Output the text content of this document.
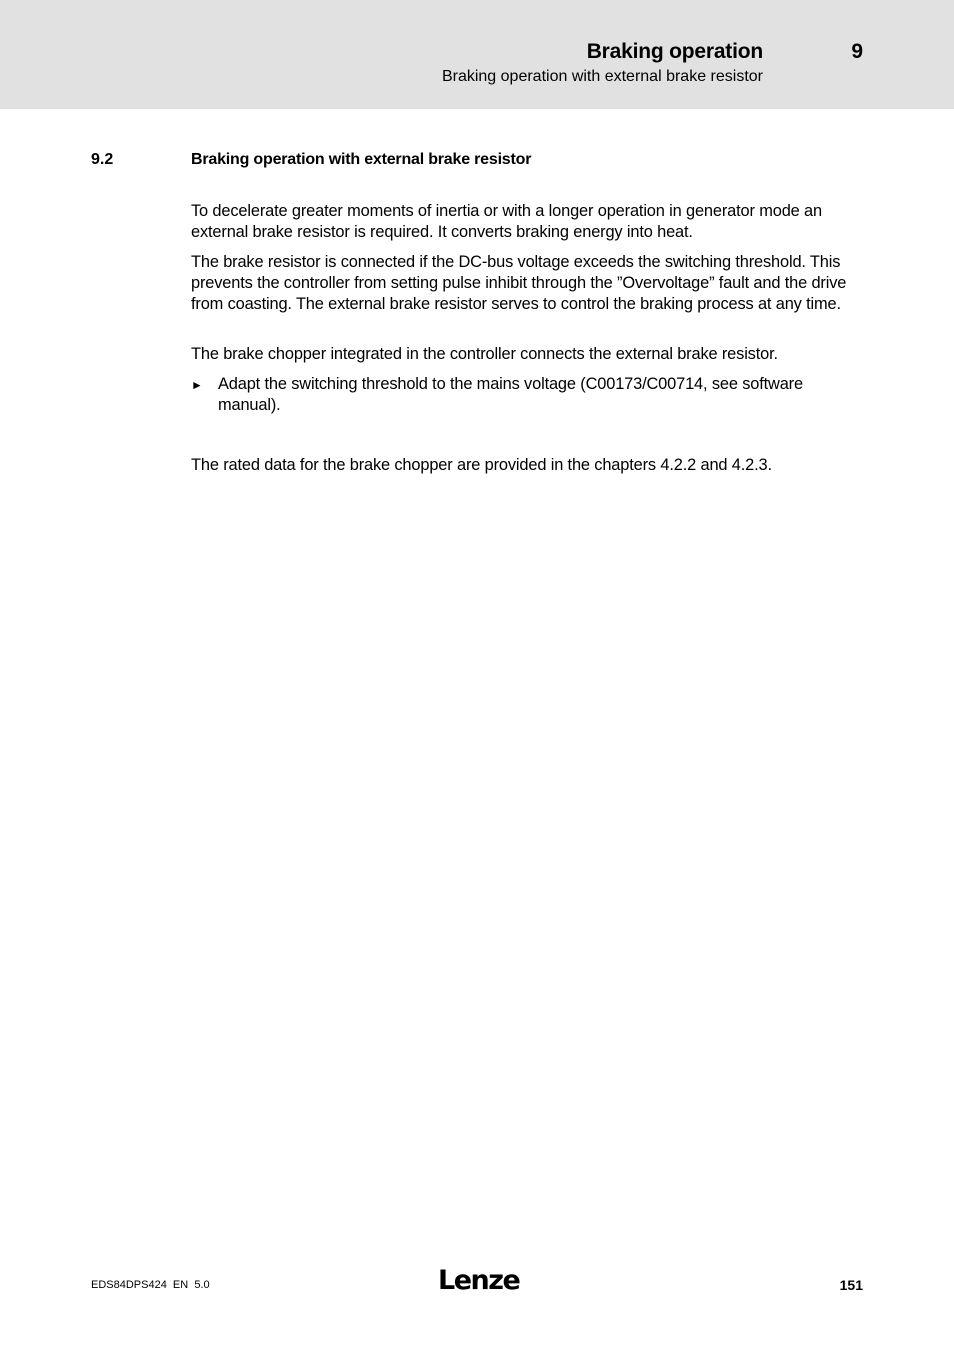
Braking operation	9
Braking operation with external brake resistor
9.2	Braking operation with external brake resistor

To decelerate greater moments of inertia or with a longer operation in generator mode an external brake resistor is required. It converts braking energy into heat.

The brake resistor is connected if the DC-bus voltage exceeds the switching threshold. This prevents the controller from setting pulse inhibit through the ”Overvoltage” fault and the drive from coasting. The external brake resistor serves to control the braking process at any time.

The brake chopper integrated in the controller connects the external brake resistor.

► Adapt the switching threshold to the mains voltage (C00173/C00714, see software manual).

The rated data for the brake chopper are provided in the chapters 4.2.2 and 4.2.3.

EDS84DPS424  EN  5.0	Lenze	151
